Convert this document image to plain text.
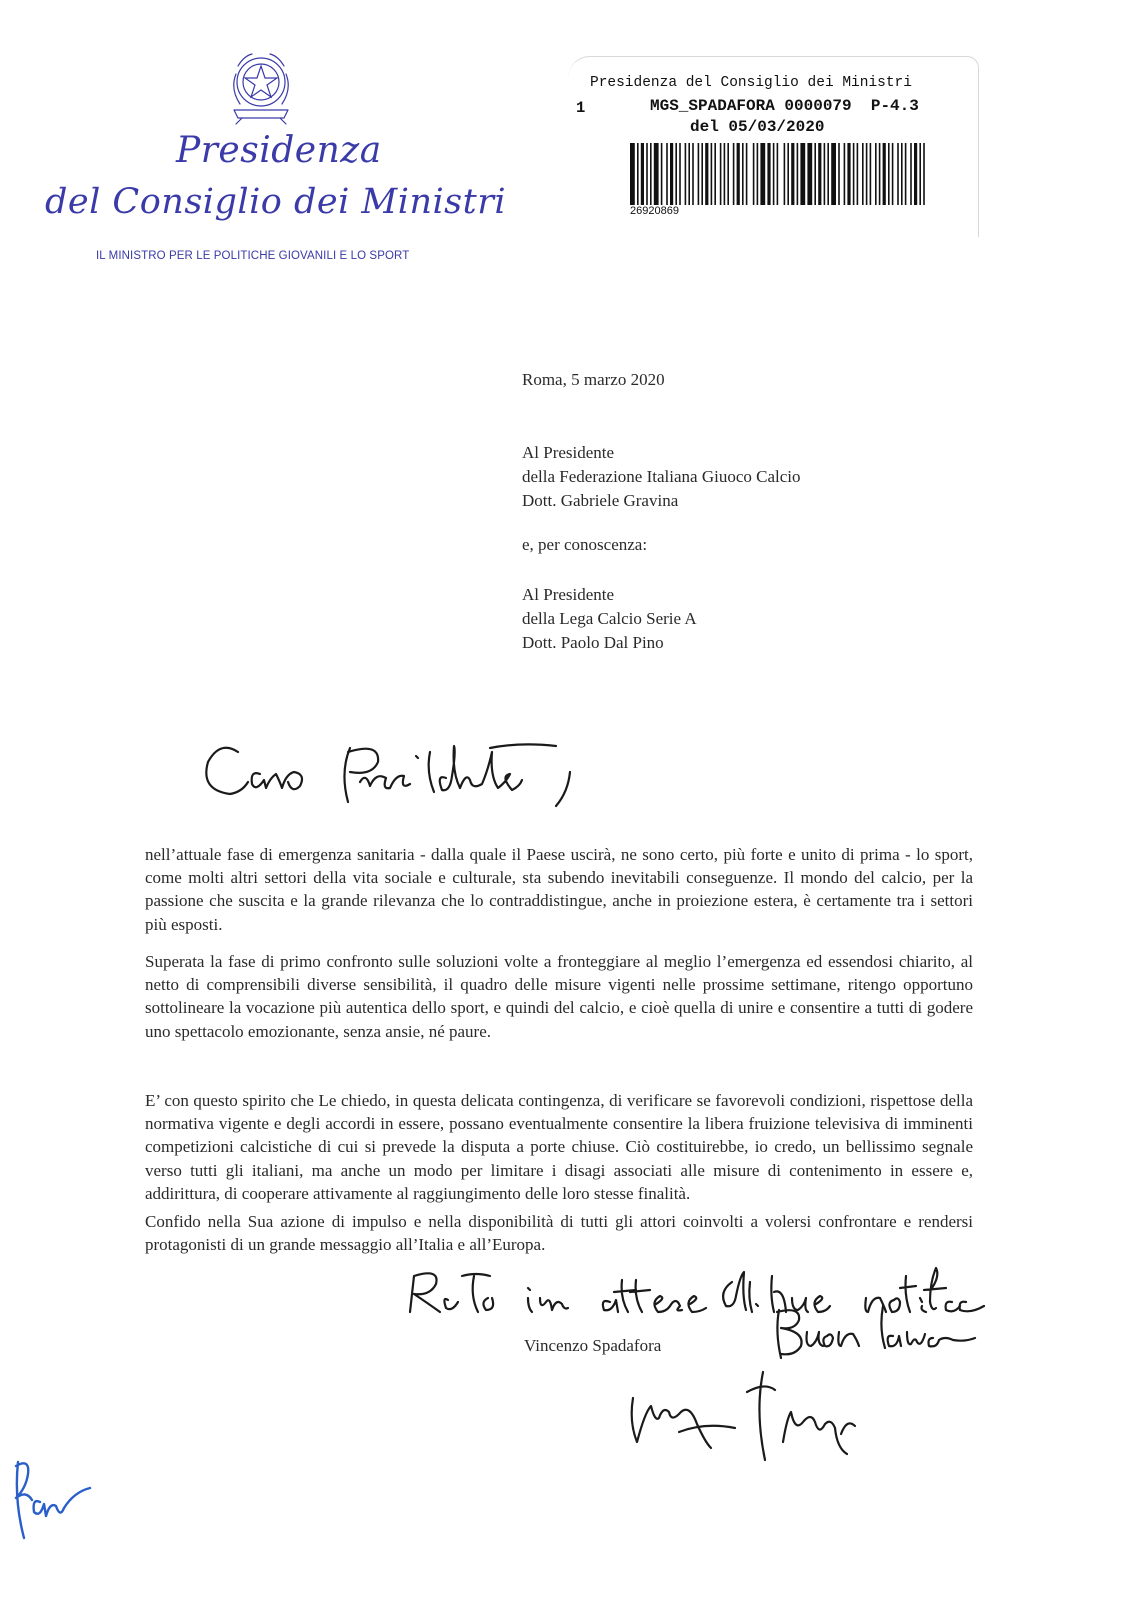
Presidenza
del Consiglio dei Ministri
IL MINISTRO PER LE POLITICHE GIOVANILI E LO SPORT
Presidenza del Consiglio dei Ministri
1	MGS_SPADAFORA 0000079  P-4.3
del 05/03/2020
26920869
Roma, 5 marzo 2020
Al Presidente
della Federazione Italiana Giuoco Calcio
Dott. Gabriele Gravina
e, per conoscenza:
Al Presidente
della Lega Calcio Serie A
Dott. Paolo Dal Pino
nell’attuale fase di emergenza sanitaria - dalla quale il Paese uscirà, ne sono certo, più forte e unito di prima - lo sport, come molti altri settori della vita sociale e culturale, sta subendo inevitabili conseguenze. Il mondo del calcio, per la passione che suscita e la grande rilevanza che lo contraddistingue, anche in proiezione estera, è certamente tra i settori più esposti.
Superata la fase di primo confronto sulle soluzioni volte a fronteggiare al meglio l’emergenza ed essendosi chiarito, al netto di comprensibili diverse sensibilità, il quadro delle misure vigenti nelle prossime settimane, ritengo opportuno sottolineare la vocazione più autentica dello sport, e quindi del calcio, e cioè quella di unire e consentire a tutti di godere uno spettacolo emozionante, senza ansie, né paure.
E’ con questo spirito che Le chiedo, in questa delicata contingenza, di verificare se favorevoli condizioni, rispettose della normativa vigente e degli accordi in essere, possano eventualmente consentire la libera fruizione televisiva di imminenti competizioni calcistiche di cui si prevede la disputa a porte chiuse. Ciò costituirebbe, io credo, un bellissimo segnale verso tutti gli italiani, ma anche un modo per limitare i disagi associati alle misure di contenimento in essere e, addirittura, di cooperare attivamente al raggiungimento delle loro stesse finalità.
Confido nella Sua azione di impulso e nella disponibilità di tutti gli attori coinvolti a volersi confrontare e rendersi protagonisti di un grande messaggio all’Italia e all’Europa.
Vincenzo Spadafora
